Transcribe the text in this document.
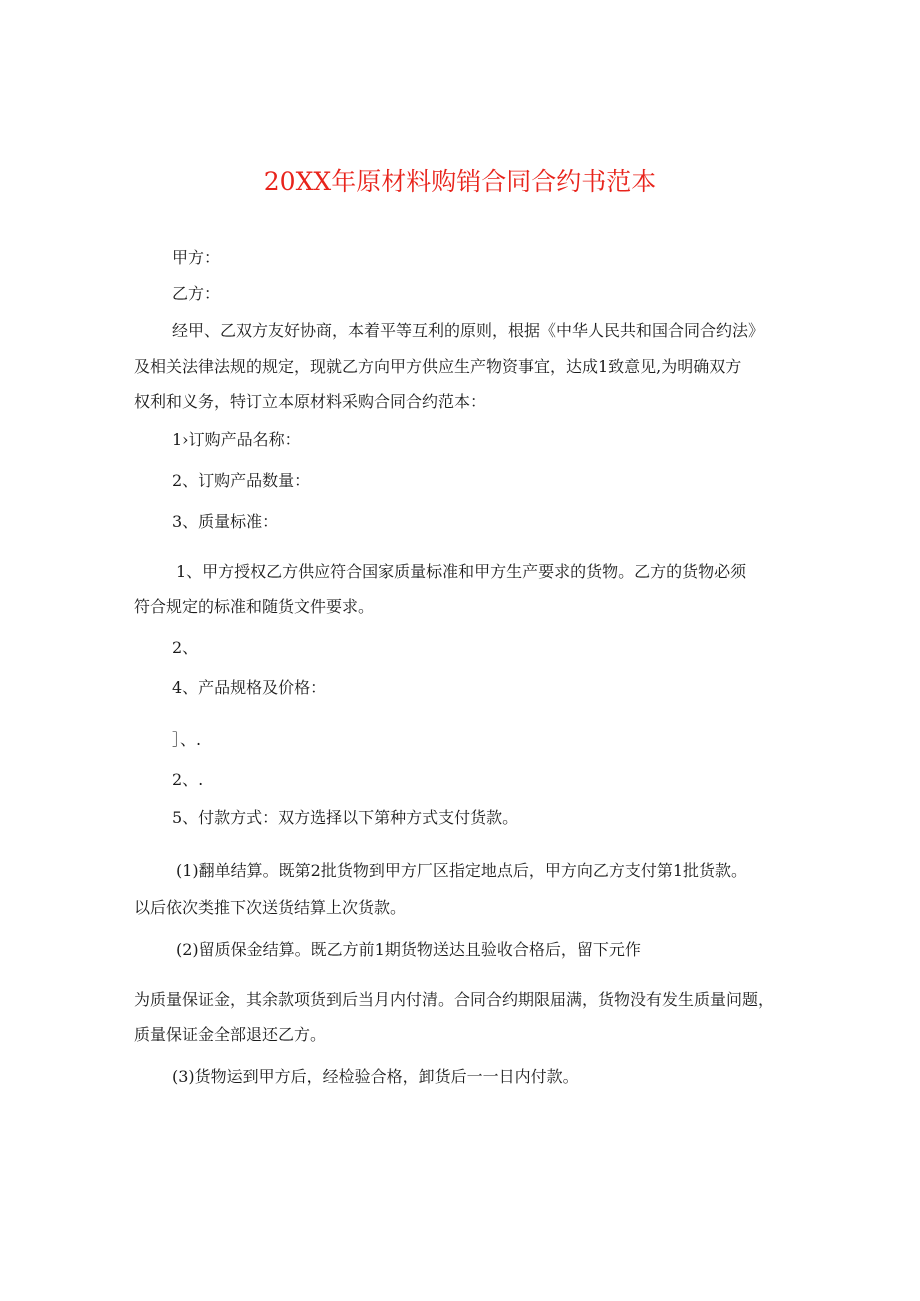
20XX年原材料购销合同合约书范本
甲方：
乙方：
经甲、乙双方友好协商，本着平等互利的原则，根据《中华人民共和国合同合约法》
及相关法律法规的规定，现就乙方向甲方供应生产物资事宜，达成1致意见,为明确双方
权利和义务，特订立本原材料采购合同合约范本：
1›订购产品名称：
2、订购产品数量：
3、质量标准：
1、甲方授权乙方供应符合国家质量标准和甲方生产要求的货物。乙方的货物必须
符合规定的标准和随货文件要求。
2、
4、产品规格及价格：
］、.
2、.
5、付款方式：双方选择以下第种方式支付货款。
(1)翻单结算。既第2批货物到甲方厂区指定地点后，甲方向乙方支付第1批货款。
以后依次类推下次送货结算上次货款。
(2)留质保金结算。既乙方前1期货物送达且验收合格后，留下元作
为质量保证金，其余款项货到后当月内付清。合同合约期限届满，货物没有发生质量问题，
质量保证金全部退还乙方。
(3)货物运到甲方后，经检验合格，卸货后一一日内付款。
